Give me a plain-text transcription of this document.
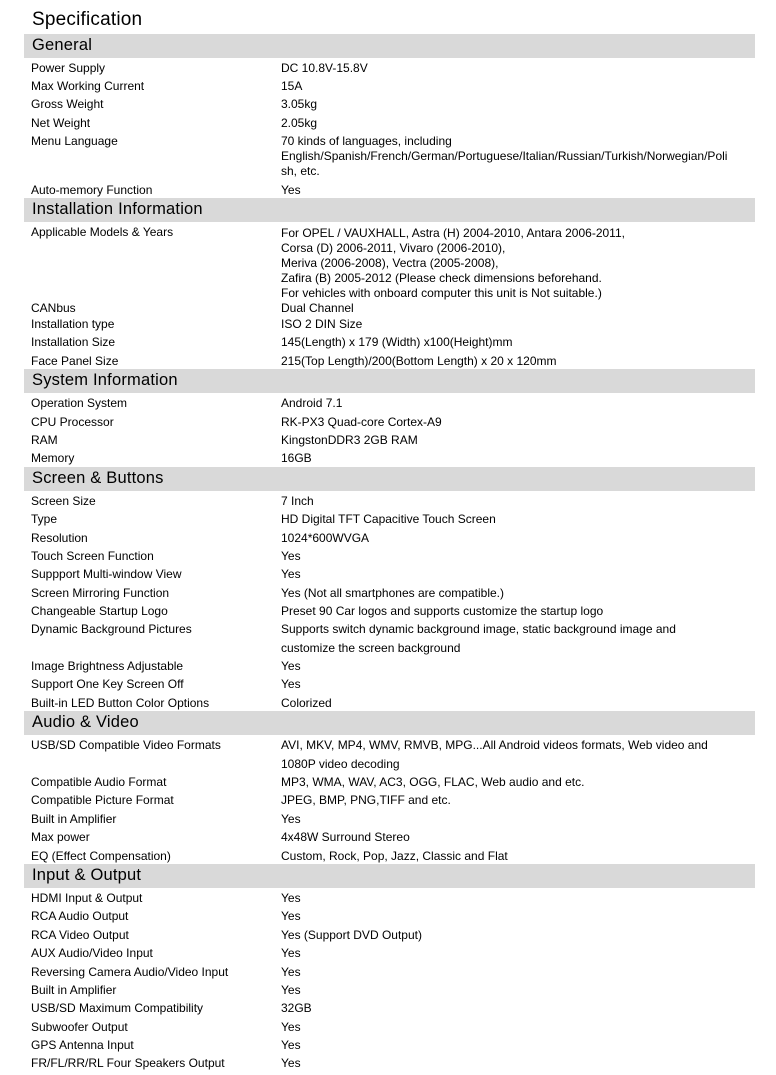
Specification
General
Power Supply	DC 10.8V-15.8V
Max Working Current	15A
Gross Weight	3.05kg
Net Weight	2.05kg
Menu Language	70 kinds of languages, including
English/Spanish/French/German/Portuguese/Italian/Russian/Turkish/Norwegian/Poli
sh, etc.
Auto-memory Function	Yes
Installation Information
Applicable Models & Years	For OPEL / VAUXHALL, Astra (H) 2004-2010, Antara 2006-2011,
Corsa (D) 2006-2011, Vivaro (2006-2010),
Meriva (2006-2008), Vectra (2005-2008),
Zafira (B) 2005-2012 (Please check dimensions beforehand.
For vehicles with onboard computer this unit is Not suitable.)
CANbus	Dual Channel
Installation type	ISO 2 DIN Size
Installation Size	145(Length) x 179 (Width) x100(Height)mm
Face Panel Size	215(Top Length)/200(Bottom Length) x 20 x 120mm
System Information
Operation System	Android 7.1
CPU Processor	RK-PX3 Quad-core Cortex-A9
RAM	KingstonDDR3 2GB RAM
Memory	16GB
Screen & Buttons
Screen Size	7 Inch
Type	HD Digital TFT Capacitive Touch Screen
Resolution	1024*600WVGA
Touch Screen Function	Yes
Suppport Multi-window View	Yes
Screen Mirroring Function	Yes (Not all smartphones are compatible.)
Changeable Startup Logo	Preset 90 Car logos and supports customize the startup logo
Dynamic Background Pictures	Supports switch dynamic background image, static background image and
customize the screen background
Image Brightness Adjustable	Yes
Support One Key Screen Off	Yes
Built-in LED Button Color Options	Colorized
Audio & Video
USB/SD Compatible Video Formats	AVI, MKV, MP4, WMV, RMVB, MPG...All Android videos formats, Web video and
1080P video decoding
Compatible Audio Format	MP3, WMA, WAV, AC3, OGG, FLAC, Web audio and etc.
Compatible Picture Format	JPEG, BMP, PNG,TIFF and etc.
Built in Amplifier	Yes
Max power	4x48W Surround Stereo
EQ (Effect Compensation)	Custom, Rock, Pop, Jazz, Classic and Flat
Input & Output
HDMI Input & Output	Yes
RCA Audio Output	Yes
RCA Video Output	Yes (Support DVD Output)
AUX Audio/Video Input	Yes
Reversing Camera Audio/Video Input	Yes
Built in Amplifier	Yes
USB/SD Maximum Compatibility	32GB
Subwoofer Output	Yes
GPS Antenna Input	Yes
FR/FL/RR/RL Four Speakers Output	Yes
